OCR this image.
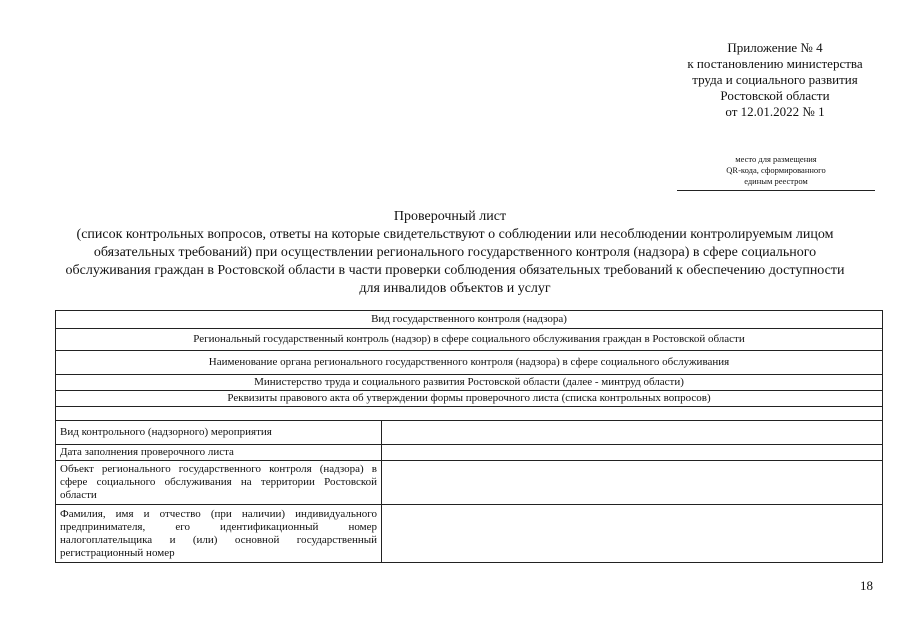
Приложение № 4
к постановлению министерства
труда и социального развития
Ростовской области
от 12.01.2022 № 1
место для размещения
QR-кода, сформированного
единым реестром
Проверочный лист
(список контрольных вопросов, ответы на которые свидетельствуют о соблюдении или несоблюдении контролируемым лицом обязательных требований) при осуществлении регионального государственного контроля (надзора) в сфере социального обслуживания граждан в Ростовской области в части проверки соблюдения обязательных требований к обеспечению доступности для инвалидов объектов и услуг
Вид государственного контроля (надзора)	
Региональный государственный контроль (надзор) в сфере социального обслуживания граждан в Ростовской области	
Наименование органа регионального государственного контроля (надзора) в сфере социального обслуживания	
Министерство труда и социального развития Ростовской области (далее - минтруд области)	
Реквизиты правового акта об утверждении формы проверочного листа (списка контрольных вопросов)	

Вид контрольного (надзорного) мероприятия	
Дата заполнения проверочного листа	
Объект регионального государственного контроля (надзора) в сфере социального обслуживания на территории Ростовской области	
Фамилия, имя и отчество (при наличии) индивидуального предпринимателя, его идентификационный номер налогоплательщика и (или) основной государственный регистрационный номер	
18
